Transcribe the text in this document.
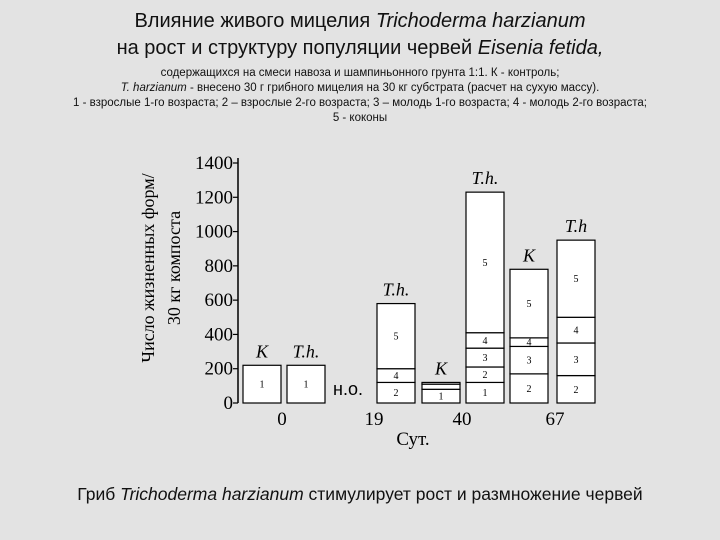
Влияние живого мицелия Trichoderma harzianum
на рост и структуру популяции червей Eisenia fetida,
содержащихся на смеси навоза и шампиньонного грунта 1:1. К - контроль;
T. harzianum - внесено 30 г грибного мицелия на 30 кг субстрата (расчет на сухую массу).
1 - взрослые 1-го возраста; 2 – взрослые 2-го возраста; 3 – молодь 1-го возраста; 4 - молодь 2-го возраста;
5 - коконы
Число жизненных форм/ 30 кг компоста
Сут.
0
200
400
600
800
1000
1200
1400
1
К
1
T.h.
0
н.о.	2
4
5
T.h.
19
1
К
1
2
3
4
5
T.h.
40
2
3
4
5
К
2
3
4
5
T.h
67
Гриб Trichoderma harzianum стимулирует рост и размножение червей
